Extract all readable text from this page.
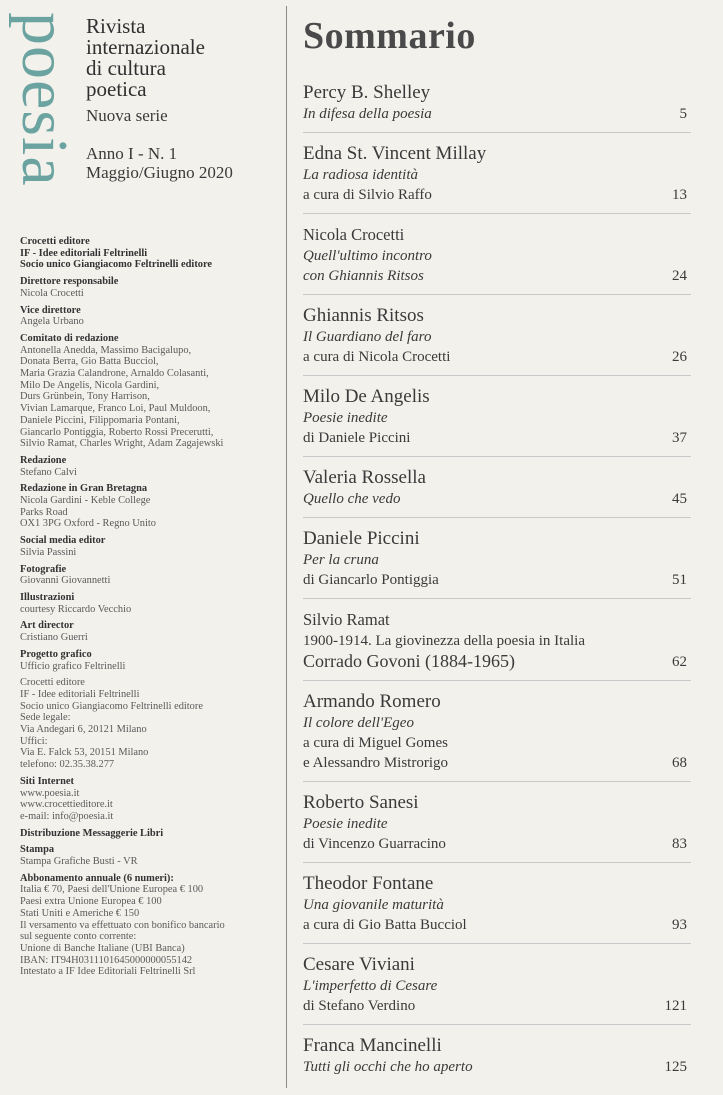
poesia Rivista
internazionale
di cultura
poetica
Nuova serie
Anno I - N. 1
Maggio/Giugno 2020
Crocetti editore
IF - Idee editoriali Feltrinelli
Socio unico Giangiacomo Feltrinelli editore
Direttore responsabile
Nicola Crocetti
Vice direttore
Angela Urbano
Comitato di redazione
Antonella Anedda, Massimo Bacigalupo,
Donata Berra, Gio Batta Bucciol,
Maria Grazia Calandrone, Arnaldo Colasanti,
Milo De Angelis, Nicola Gardini,
Durs Grünbein, Tony Harrison,
Vivian Lamarque, Franco Loi, Paul Muldoon,
Daniele Piccini, Filippomaria Pontani,
Giancarlo Pontiggia, Roberto Rossi Precerutti,
Silvio Ramat, Charles Wright, Adam Zagajewski
Redazione
Stefano Calvi
Redazione in Gran Bretagna
Nicola Gardini - Keble College
Parks Road
OX1 3PG Oxford - Regno Unito
Social media editor
Silvia Passini
Fotografie
Giovanni Giovannetti
Illustrazioni
courtesy Riccardo Vecchio
Art director
Cristiano Guerri
Progetto grafico
Ufficio grafico Feltrinelli
Crocetti editore
IF - Idee editoriali Feltrinelli
Socio unico Giangiacomo Feltrinelli editore
Sede legale:
Via Andegari 6, 20121 Milano
Uffici:
Via E. Falck 53, 20151 Milano
telefono: 02.35.38.277
Siti Internet
www.poesia.it
www.crocettieditore.it
e-mail: info@poesia.it
Distribuzione Messaggerie Libri
Stampa
Stampa Grafiche Busti - VR
Abbonamento annuale (6 numeri):
Italia € 70, Paesi dell'Unione Europea € 100
Paesi extra Unione Europea € 100
Stati Uniti e Americhe € 150
Il versamento va effettuato con bonifico bancario
sul seguente conto corrente:
Unione di Banche Italiane (UBI Banca)
IBAN: IT94H0311101645000000055142
Intestato a IF Idee Editoriali Feltrinelli Srl
Sommario
Percy B. Shelley
In difesa della poesia	5
Edna St. Vincent Millay
La radiosa identità
a cura di Silvio Raffo	13
Nicola Crocetti
Quell'ultimo incontro
con Ghiannis Ritsos	24
Ghiannis Ritsos
Il Guardiano del faro
a cura di Nicola Crocetti	26
Milo De Angelis
Poesie inedite
di Daniele Piccini	37
Valeria Rossella
Quello che vedo	45
Daniele Piccini
Per la cruna
di Giancarlo Pontiggia	51
Silvio Ramat
1900-1914. La giovinezza della poesia in Italia
Corrado Govoni (1884-1965)	62
Armando Romero
Il colore dell'Egeo
a cura di Miguel Gomes
e Alessandro Mistrorigo	68
Roberto Sanesi
Poesie inedite
di Vincenzo Guarracino	83
Theodor Fontane
Una giovanile maturità
a cura di Gio Batta Bucciol	93
Cesare Viviani
L'imperfetto di Cesare
di Stefano Verdino	121
Franca Mancinelli
Tutti gli occhi che ho aperto	125
